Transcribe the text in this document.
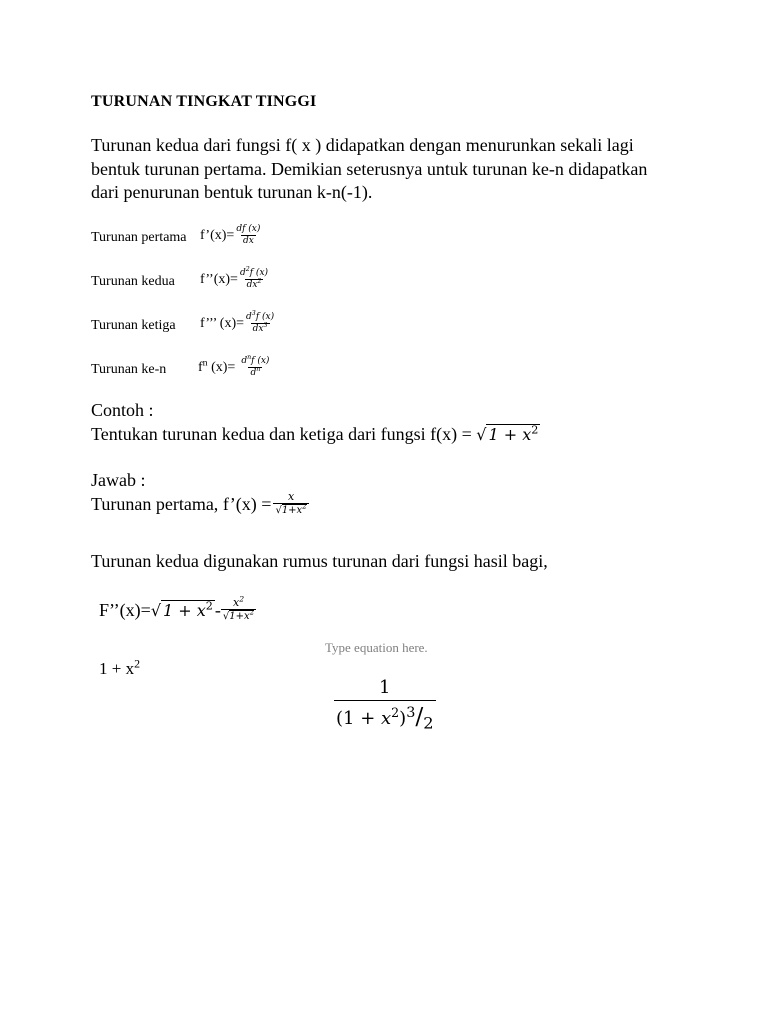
TURUNAN TINGKAT TINGGI
Turunan kedua dari fungsi f( x ) didapatkan dengan menurunkan sekali lagi
bentuk turunan pertama. Demikian seterusnya untuk turunan ke-n didapatkan
dari penurunan bentuk turunan k-n(-1).
Turunan pertama f’(x)= $\frac{df (x)}{dx}$
Turunan kedua f’’(x)= $\frac{d^2f (x)}{dx^2}$
Turunan ketiga f’’’ $(x)= \frac{d^3f (x)}{dx^3}$
Turunan ke-n $f^n$ $(x)= \frac{d^nf (x)}{d^n}$
Contoh :
Tentukan turunan kedua dan ketiga dari fungsi f(x) = √ $1 + x^2$
Jawab :
Turunan pertama,
f’(x) = $\frac{x}{√1+x^2}$
Turunan kedua digunakan rumus turunan dari fungsi hasil bagi,
F’’(x)= √ $1 + x^2 - \frac{x^2}{√1+x^2}$
Type equation here.
$1 + x^2$
$\frac{1}{(1 + x^2)^3/_2}$
